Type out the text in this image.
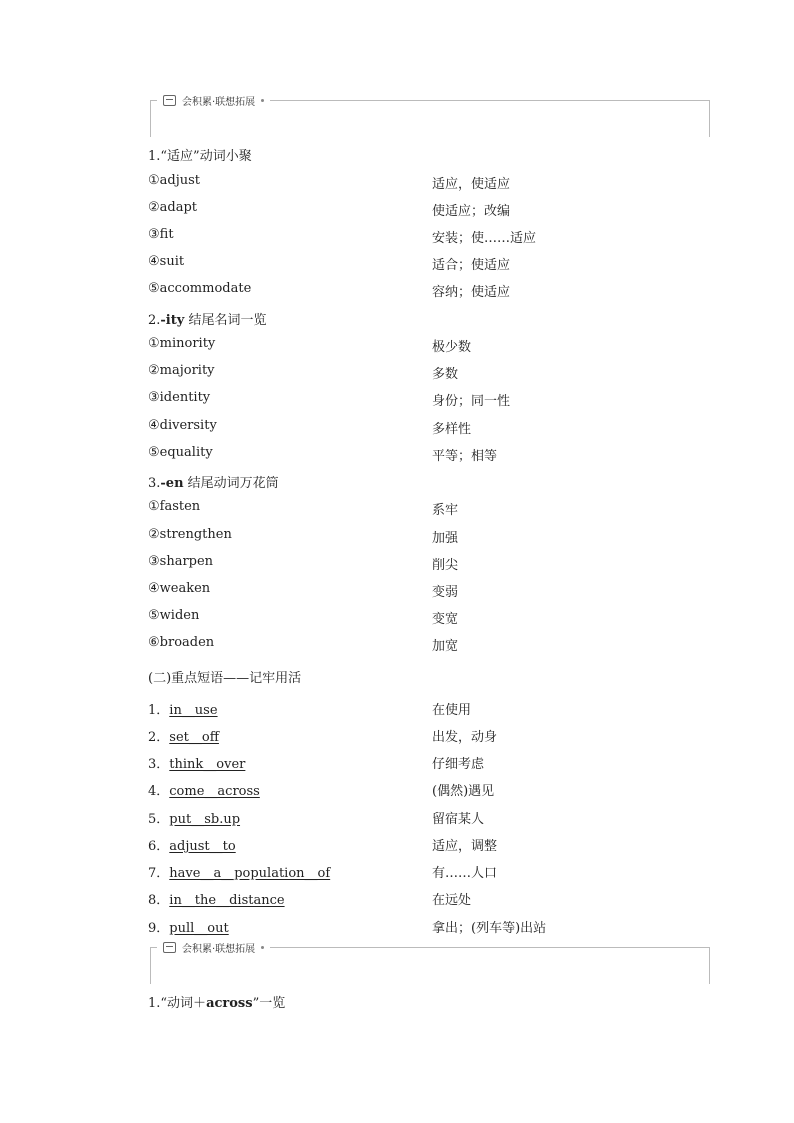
会积累·联想拓展
1.“适应”动词小聚
①adjust	适应，使适应
②adapt	使适应；改编
③fit	安装；使……适应
④suit	适合；使适应
⑤accommodate	容纳；使适应
2.-ity 结尾名词一览
①minority	极少数
②majority	多数
③identity	身份；同一性
④diversity	多样性
⑤equality	平等；相等
3.-en 结尾动词万花筒
①fasten	系牢
②strengthen	加强
③sharpen	削尖
④weaken	变弱
⑤widen	变宽
⑥broaden	加宽
(二)重点短语——记牢用活
1．in__use	在使用
2．set__off	出发，动身
3．think__over	仔细考虑
4．come__across	(偶然)遇见
5．put__sb.up	留宿某人
6．adjust__to	适应，调整
7．have__a__population__of	有……人口
8．in__the__distance	在远处
9．pull__out	拿出；(列车等)出站
会积累·联想拓展
1.“动词＋across”一览
